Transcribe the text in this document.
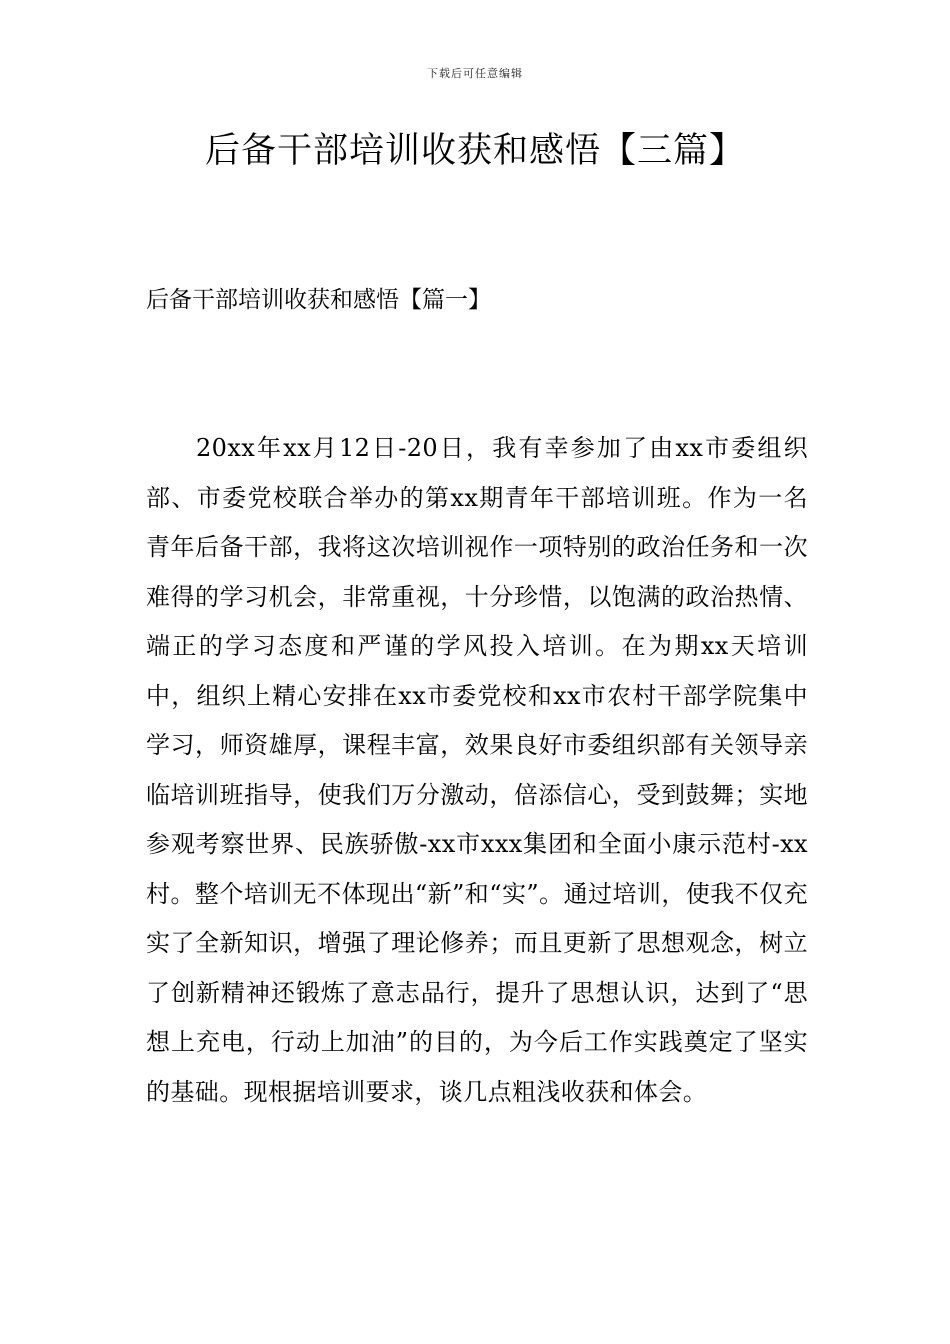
下载后可任意编辑
后备干部培训收获和感悟【三篇】
后备干部培训收获和感悟【篇一】

20xx年xx月12日-20日，我有幸参加了由xx市委组织部、市委党校联合举办的第xx期青年干部培训班。作为一名青年后备干部，我将这次培训视作一项特别的政治任务和一次难得的学习机会，非常重视，十分珍惜，以饱满的政治热情、端正的学习态度和严谨的学风投入培训。在为期xx天培训中，组织上精心安排在xx市委党校和xx市农村干部学院集中学习，师资雄厚，课程丰富，效果良好市委组织部有关领导亲临培训班指导，使我们万分激动，倍添信心，受到鼓舞；实地参观考察世界、民族骄傲-xx市xxx集团和全面小康示范村-xx村。整个培训无不体现出“新”和“实”。通过培训，使我不仅充实了全新知识，增强了理论修养；而且更新了思想观念，树立了创新精神还锻炼了意志品行，提升了思想认识，达到了“思想上充电，行动上加油”的目的，为今后工作实践奠定了坚实的基础。现根据培训要求，谈几点粗浅收获和体会。
